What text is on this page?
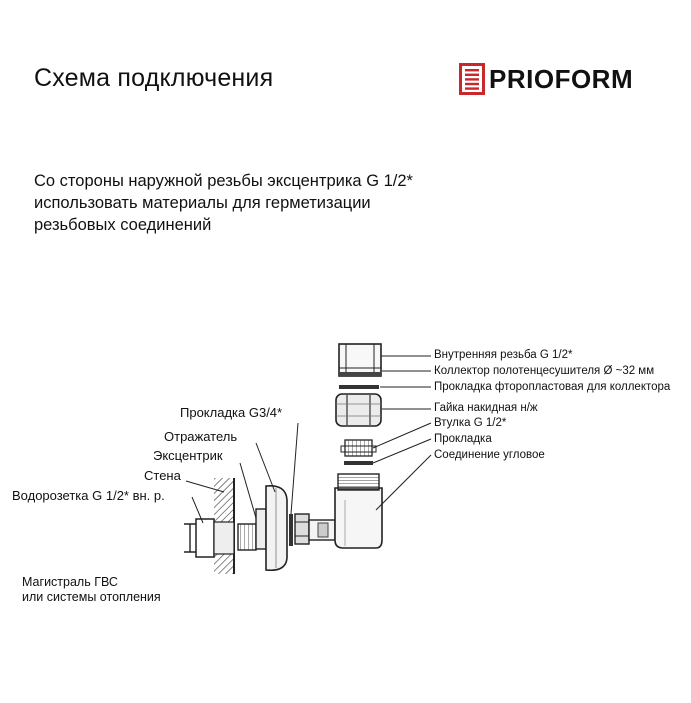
Схема подключения	PRIOFORM
Со стороны наружной резьбы эксцентрика G 1/2*
использовать материалы для герметизации
резьбовых соединений
Внутренняя резьба G 1/2*
Коллектор полотенцесушителя Ø ~32 мм
Прокладка фторопластовая для коллектора
Гайка накидная н/ж
Втулка G 1/2*
Прокладка
Соединение угловое
Прокладка G3/4*
Отражатель
Эксцентрик
Стена
Водорозетка G 1/2* вн. р.
Магистраль ГВС
или системы отопления
